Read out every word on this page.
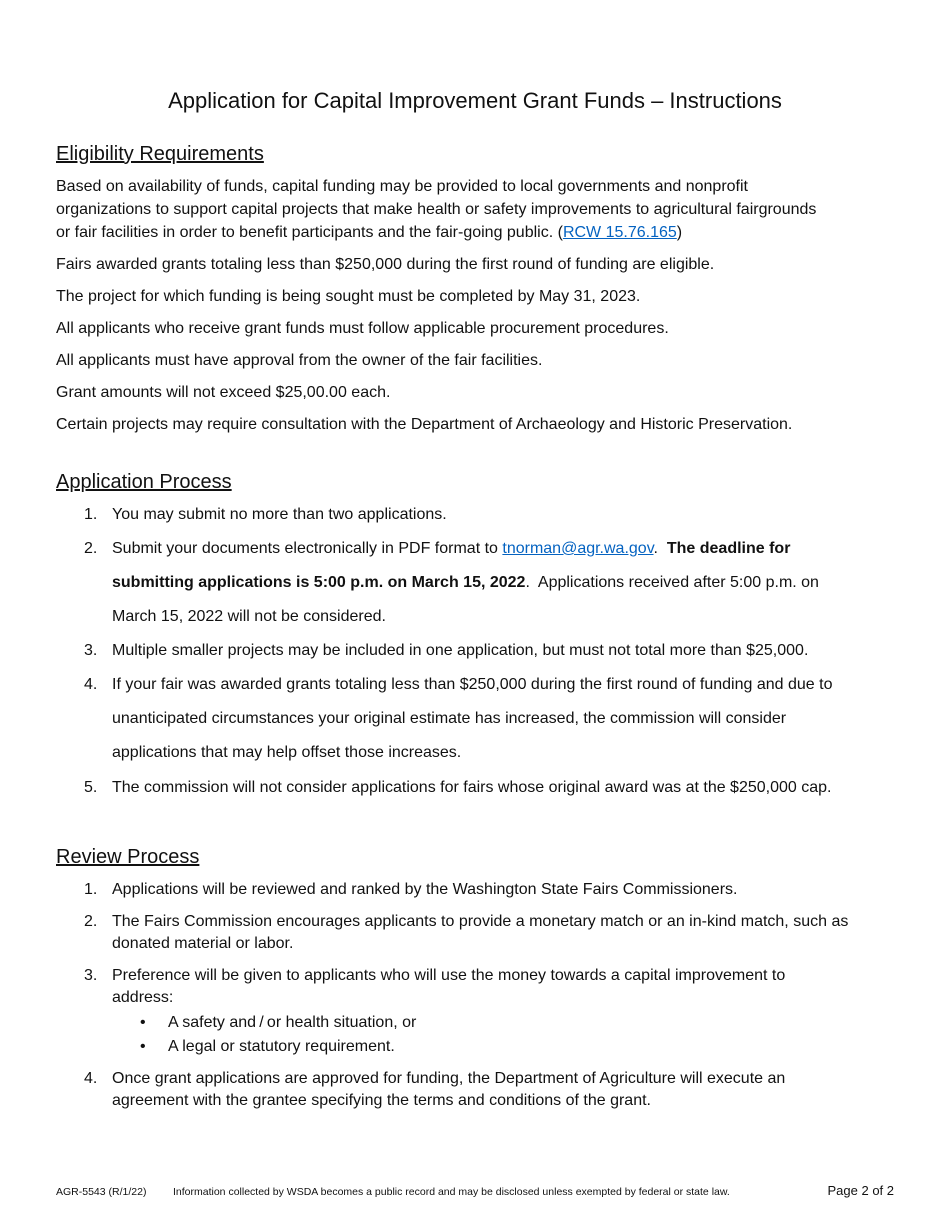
Application for Capital Improvement Grant Funds – Instructions
Eligibility Requirements
Based on availability of funds, capital funding may be provided to local governments and nonprofit
organizations to support capital projects that make health or safety improvements to agricultural fairgrounds
or fair facilities in order to benefit participants and the fair-going public. (RCW 15.76.165)
Fairs awarded grants totaling less than $250,000 during the first round of funding are eligible.
The project for which funding is being sought must be completed by May 31, 2023.
All applicants who receive grant funds must follow applicable procurement procedures.
All applicants must have approval from the owner of the fair facilities.
Grant amounts will not exceed $25,00.00 each.
Certain projects may require consultation with the Department of Archaeology and Historic Preservation.
Application Process
1. You may submit no more than two applications.
2. Submit your documents electronically in PDF format to tnorman@agr.wa.gov.  The deadline for
submitting applications is 5:00 p.m. on March 15, 2022.  Applications received after 5:00 p.m. on
March 15, 2022 will not be considered.
3. Multiple smaller projects may be included in one application, but must not total more than $25,000.
4. If your fair was awarded grants totaling less than $250,000 during the first round of funding and due to
unanticipated circumstances your original estimate has increased, the commission will consider
applications that may help offset those increases.
5. The commission will not consider applications for fairs whose original award was at the $250,000 cap.
Review Process
1. Applications will be reviewed and ranked by the Washington State Fairs Commissioners.
2. The Fairs Commission encourages applicants to provide a monetary match or an in-kind match, such as
donated material or labor.
3. Preference will be given to applicants who will use the money towards a capital improvement to
address:
•	A safety and / or health situation, or
•	A legal or statutory requirement.
4. Once grant applications are approved for funding, the Department of Agriculture will execute an
agreement with the grantee specifying the terms and conditions of the grant.
AGR-5543 (R/1/22)	Information collected by WSDA becomes a public record and may be disclosed unless exempted by federal or state law.	Page 2 of 2
